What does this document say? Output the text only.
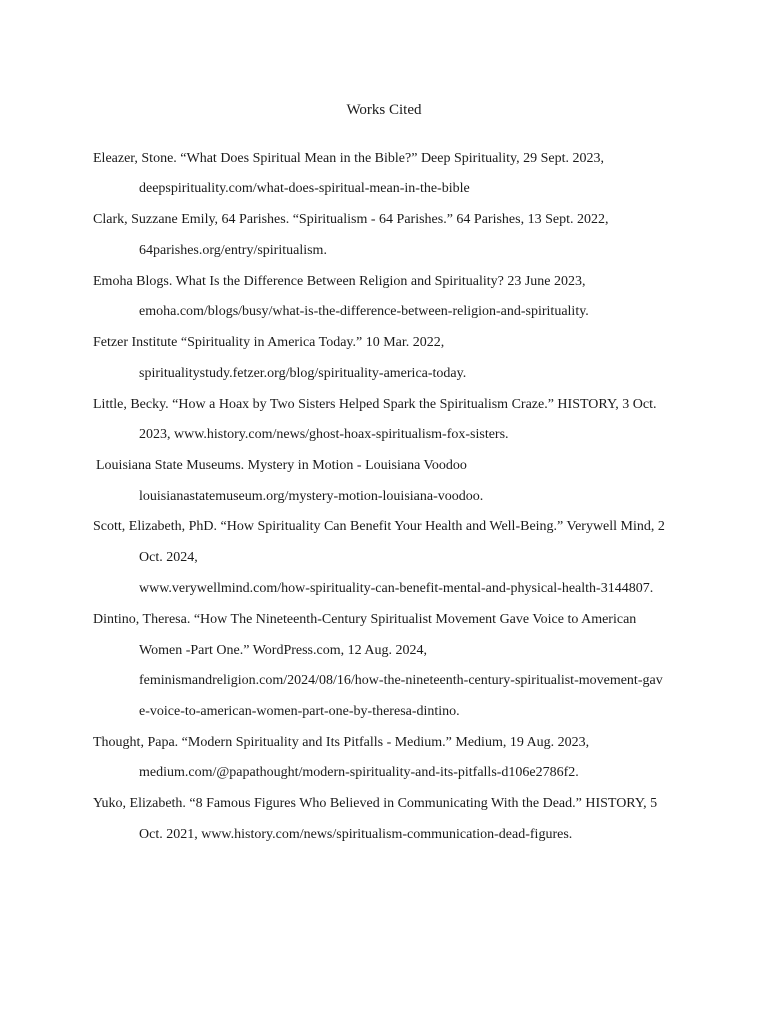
Works Cited

Eleazer, Stone. “What Does Spiritual Mean in the Bible?” Deep Spirituality, 29 Sept. 2023,

deepspirituality.com/what-does-spiritual-mean-in-the-bible

Clark, Suzzane Emily, 64 Parishes. “Spiritualism - 64 Parishes.” 64 Parishes, 13 Sept. 2022,

64parishes.org/entry/spiritualism.

Emoha Blogs. What Is the Difference Between Religion and Spirituality? 23 June 2023,

emoha.com/blogs/busy/what-is-the-difference-between-religion-and-spirituality.

Fetzer Institute “Spirituality in America Today.” 10 Mar. 2022,

spiritualitystudy.fetzer.org/blog/spirituality-america-today.

Little, Becky. “How a Hoax by Two Sisters Helped Spark the Spiritualism Craze.” HISTORY, 3 Oct.

2023, www.history.com/news/ghost-hoax-spiritualism-fox-sisters.

Louisiana State Museums. Mystery in Motion - Louisiana Voodoo

louisianastatemuseum.org/mystery-motion-louisiana-voodoo.

Scott, Elizabeth, PhD. “How Spirituality Can Benefit Your Health and Well-Being.” Verywell Mind, 2

Oct. 2024,

www.verywellmind.com/how-spirituality-can-benefit-mental-and-physical-health-3144807.

Dintino, Theresa. “How The Nineteenth-Century Spiritualist Movement Gave Voice to American

Women -Part One.” WordPress.com, 12 Aug. 2024,

feminismandreligion.com/2024/08/16/how-the-nineteenth-century-spiritualist-movement-gav

e-voice-to-american-women-part-one-by-theresa-dintino.

Thought, Papa. “Modern Spirituality and Its Pitfalls - Medium.” Medium, 19 Aug. 2023,

medium.com/@papathought/modern-spirituality-and-its-pitfalls-d106e2786f2.

Yuko, Elizabeth. “8 Famous Figures Who Believed in Communicating With the Dead.” HISTORY, 5

Oct. 2021, www.history.com/news/spiritualism-communication-dead-figures.
